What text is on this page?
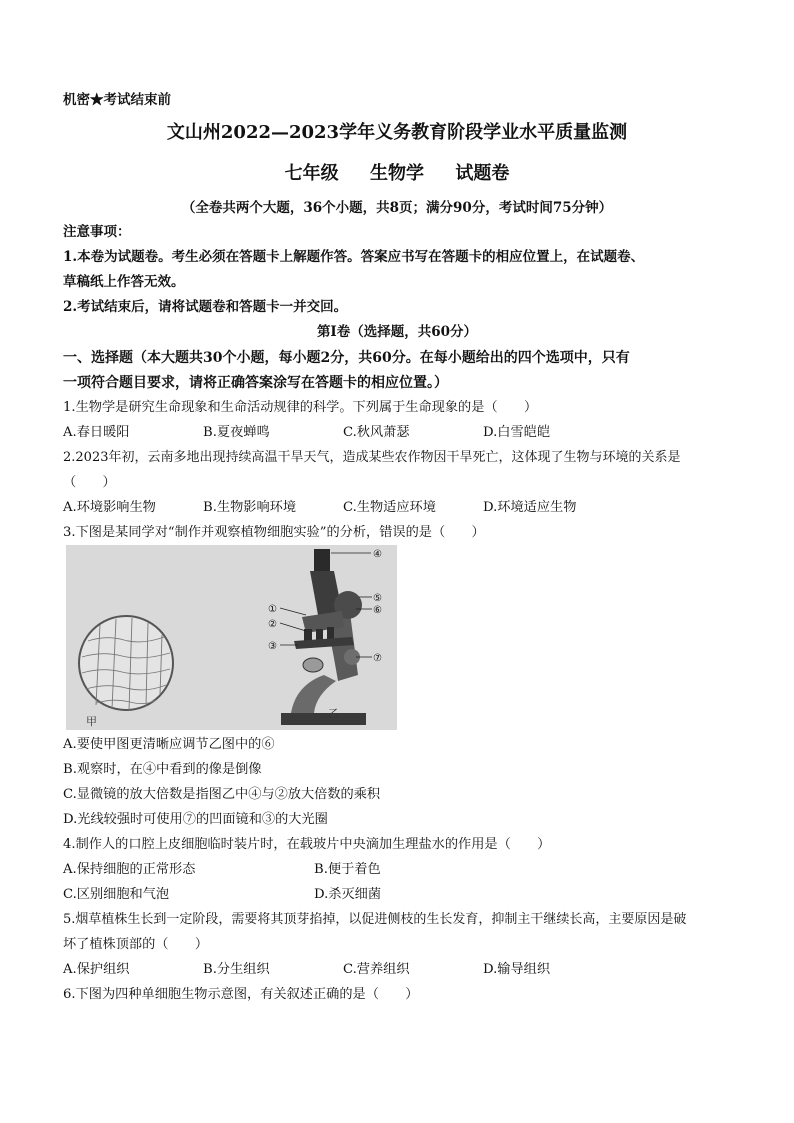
机密★考试结束前
文山州2022—2023学年义务教育阶段学业水平质量监测
七年级     生物学     试题卷
（全卷共两个大题，36个小题，共8页；满分90分，考试时间75分钟）
注意事项：
1.本卷为试题卷。考生必须在答题卡上解题作答。答案应书写在答题卡的相应位置上，在试题卷、
草稿纸上作答无效。
2.考试结束后，请将试题卷和答题卡一并交回。
第Ⅰ卷（选择题，共60分）
一、选择题（本大题共30个小题，每小题2分，共60分。在每小题给出的四个选项中，只有
一项符合题目要求，请将正确答案涂写在答题卡的相应位置。）
1.生物学是研究生命现象和生命活动规律的科学。下列属于生命现象的是（　　）
A.春日暖阳	B.夏夜蝉鸣	C.秋风萧瑟	D.白雪皑皑
2.2023年初，云南多地出现持续高温干旱天气，造成某些农作物因干旱死亡，这体现了生物与环境的关系是
（　　）
A.环境影响生物	B.生物影响环境	C.生物适应环境	D.环境适应生物
3.下图是某同学对“制作并观察植物细胞实验”的分析，错误的是（　　）
④
⑤
⑥
①
②
③
⑦
甲
乙
A.要使甲图更清晰应调节乙图中的⑥
B.观察时，在④中看到的像是倒像
C.显微镜的放大倍数是指图乙中④与②放大倍数的乘积
D.光线较强时可使用⑦的凹面镜和③的大光圈
4.制作人的口腔上皮细胞临时装片时，在载玻片中央滴加生理盐水的作用是（　　）
A.保持细胞的正常形态	B.便于着色
C.区别细胞和气泡	D.杀灭细菌
5.烟草植株生长到一定阶段，需要将其顶芽掐掉，以促进侧枝的生长发育，抑制主干继续长高，主要原因是破
坏了植株顶部的（　　）
A.保护组织	B.分生组织	C.营养组织	D.输导组织
6.下图为四种单细胞生物示意图，有关叙述正确的是（　　）
